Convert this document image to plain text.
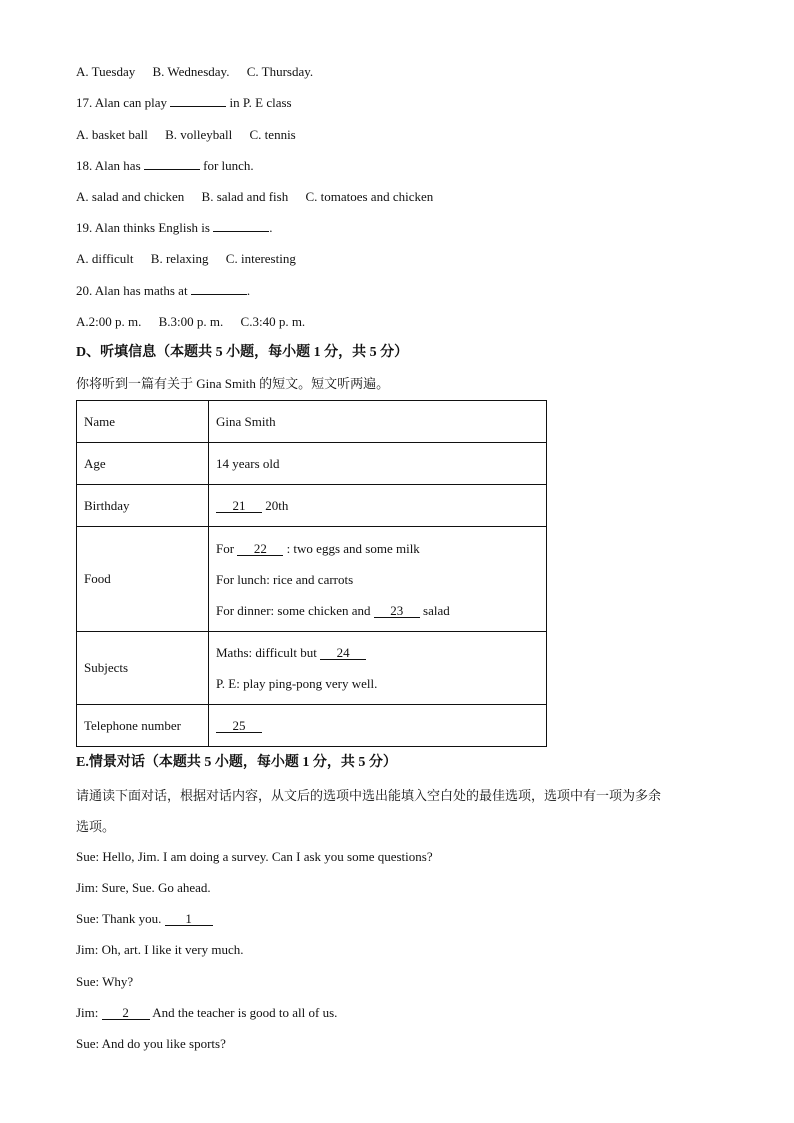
A. Tuesday B. Wednesday. C. Thursday.
17. Alan can play	in P. E class
A. basket ball B. volleyball C. tennis
18. Alan has	for lunch.
A. salad and chicken B. salad and fish C. tomatoes and chicken
19. Alan thinks English is	.
A. difficult B. relaxing C. interesting
20. Alan has maths at	.
A.2:00 p. m. B.3:00 p. m. C.3:40 p. m.
D、听填信息（本题共 5 小题，每小题 1 分，共 5 分）
你将听到一篇有关于 Gina Smith 的短文。短文听两遍。
Name	Gina Smith
Age	14 years old
Birthday	21 20th
Food	For 22 : two eggs and some milk
For lunch: rice and carrots
For dinner: some chicken and 23 salad

Subjects	Maths: difficult but 24
P. E: play ping-pong very well.

Telephone number	25
E.情景对话（本题共 5 小题，每小题 1 分，共 5 分）
请通读下面对话，根据对话内容，从文后的选项中选出能填入空白处的最佳选项，选项中有一项为多余
选项。
Sue: Hello, Jim. I am doing a survey. Can I ask you some questions?
Jim: Sure, Sue. Go ahead.
Sue: Thank you. 1
Jim: Oh, art. I like it very much.
Sue: Why?
Jim: 2 And the teacher is good to all of us.
Sue: And do you like sports?
